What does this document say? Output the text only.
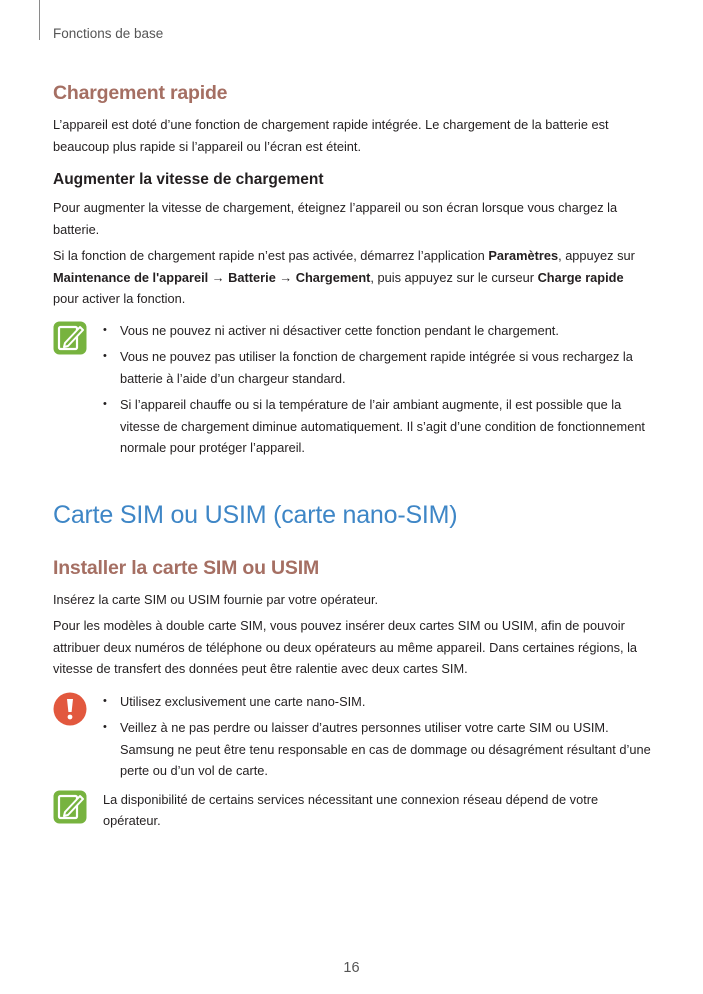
Fonctions de base
Chargement rapide

L’appareil est doté d’une fonction de chargement rapide intégrée. Le chargement de la batterie est beaucoup plus rapide si l’appareil ou l’écran est éteint.

Augmenter la vitesse de chargement

Pour augmenter la vitesse de chargement, éteignez l’appareil ou son écran lorsque vous chargez la batterie.

Si la fonction de chargement rapide n’est pas activée, démarrez l’application Paramètres, appuyez sur Maintenance de l'appareil → Batterie → Chargement, puis appuyez sur le curseur Charge rapide pour activer la fonction.

• Vous ne pouvez ni activer ni désactiver cette fonction pendant le chargement.
• Vous ne pouvez pas utiliser la fonction de chargement rapide intégrée si vous rechargez la batterie à l’aide d’un chargeur standard.
• Si l’appareil chauffe ou si la température de l’air ambiant augmente, il est possible que la vitesse de chargement diminue automatiquement. Il s’agit d’une condition de fonctionnement normale pour protéger l’appareil.
Carte SIM ou USIM (carte nano-SIM)
Installer la carte SIM ou USIM

Insérez la carte SIM ou USIM fournie par votre opérateur.

Pour les modèles à double carte SIM, vous pouvez insérer deux cartes SIM ou USIM, afin de pouvoir attribuer deux numéros de téléphone ou deux opérateurs au même appareil. Dans certaines régions, la vitesse de transfert des données peut être ralentie avec deux cartes SIM.

• Utilisez exclusivement une carte nano-SIM.
• Veillez à ne pas perdre ou laisser d’autres personnes utiliser votre carte SIM ou USIM. Samsung ne peut être tenu responsable en cas de dommage ou désagrément résultant d’une perte ou d’un vol de carte.

La disponibilité de certains services nécessitant une connexion réseau dépend de votre opérateur.

16
